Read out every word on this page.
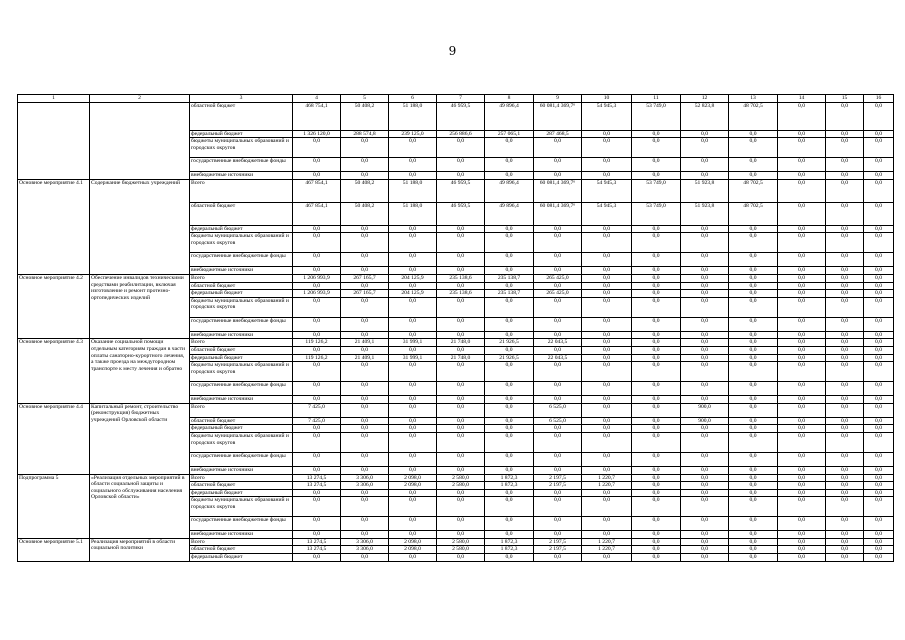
9
1	2	3	4	5	6	7	8	9	10	11	12	13	14	15	16
		областной бюджет	468 754,1	50 408,2	51 188,0	46 959,5	49 896,4	60 081,4 369,7⁶	54 945,3	53 749,0	52 823,8	48 702,5	0,0	0,0	0,0
		федеральный бюджет	1 326 120,0	288 574,8	239 125,0	256 886,6	257 065,1	287 468,5	0,0	0,0	0,0	0,0	0,0	0,0	0,0
		бюджеты муниципальных образований и городских округов	0,0	0,0	0,0	0,0	0,0	0,0	0,0	0,0	0,0	0,0	0,0	0,0	0,0
		государственные внебюджетные фонды	0,0	0,0	0,0	0,0	0,0	0,0	0,0	0,0	0,0	0,0	0,0	0,0	0,0
		внебюджетные источники	0,0	0,0	0,0	0,0	0,0	0,0	0,0	0,0	0,0	0,0	0,0	0,0	0,0
Основное мероприятие 4.1	Содержание бюджетных учреждений	Всего	467 854,1	50 408,2	51 188,0	46 959,5	49 896,4	60 081,4 369,7⁶	54 945,3	53 749,0	51 923,8	48 702,5	0,0	0,0	0,0
		областной бюджет	467 854,1	50 408,2	51 188,0	46 959,5	49 896,4	60 081,4 369,7⁶	54 945,3	53 749,0	51 923,8	48 702,5	0,0	0,0	0,0
		федеральный бюджет	0,0	0,0	0,0	0,0	0,0	0,0	0,0	0,0	0,0	0,0	0,0	0,0	0,0
		бюджеты муниципальных образований и городских округов	0,0	0,0	0,0	0,0	0,0	0,0	0,0	0,0	0,0	0,0	0,0	0,0	0,0
		государственные внебюджетные фонды	0,0	0,0	0,0	0,0	0,0	0,0	0,0	0,0	0,0	0,0	0,0	0,0	0,0
		внебюджетные источники	0,0	0,0	0,0	0,0	0,0	0,0	0,0	0,0	0,0	0,0	0,0	0,0	0,0
Основное мероприятие 4.2	Обеспечение инвалидов техническими средствами реабилитации, включая изготовление и ремонт протезно-ортопедических изделий	Всего	1 206 993,9	267 165,7	204 125,9	235 138,6	235 138,7	265 425,0	0,0	0,0	0,0	0,0	0,0	0,0	0,0
		областной бюджет	0,0	0,0	0,0	0,0	0,0	0,0	0,0	0,0	0,0	0,0	0,0	0,0	0,0
		федеральный бюджет	1 206 993,9	267 165,7	204 125,9	235 138,6	235 138,7	265 425,0	0,0	0,0	0,0	0,0	0,0	0,0	0,0
		бюджеты муниципальных образований и городских округов	0,0	0,0	0,0	0,0	0,0	0,0	0,0	0,0	0,0	0,0	0,0	0,0	0,0
		государственные внебюджетные фонды	0,0	0,0	0,0	0,0	0,0	0,0	0,0	0,0	0,0	0,0	0,0	0,0	0,0
		внебюджетные источники	0,0	0,0	0,0	0,0	0,0	0,0	0,0	0,0	0,0	0,0	0,0	0,0	0,0
Основное мероприятие 4.3	Оказание социальной помощи отдельным категориям граждан в части оплаты санаторно-курортного лечения, а также проезда на междугородном транспорте к месту лечения и обратно	Всего	119 126,2	21 409,1	31 999,1	21 748,0	21 926,5	22 043,5	0,0	0,0	0,0	0,0	0,0	0,0	0,0
		областной бюджет	0,0	0,0	0,0	0,0	0,0	0,0	0,0	0,0	0,0	0,0	0,0	0,0	0,0
		федеральный бюджет	119 126,2	21 409,1	31 999,1	21 748,0	21 926,5	22 043,5	0,0	0,0	0,0	0,0	0,0	0,0	0,0
		бюджеты муниципальных образований и городских округов	0,0	0,0	0,0	0,0	0,0	0,0	0,0	0,0	0,0	0,0	0,0	0,0	0,0
		государственные внебюджетные фонды	0,0	0,0	0,0	0,0	0,0	0,0	0,0	0,0	0,0	0,0	0,0	0,0	0,0
		внебюджетные источники	0,0	0,0	0,0	0,0	0,0	0,0	0,0	0,0	0,0	0,0	0,0	0,0	0,0
Основное мероприятие 4.4	Капитальный ремонт, строительство (реконструкция) бюджетных учреждений Орловской области	Всего	7 425,0	0,0	0,0	0,0	0,0	6 525,0	0,0	0,0	900,0	0,0	0,0	0,0	0,0
		областной бюджет	7 425,0	0,0	0,0	0,0	0,0	6 525,0	0,0	0,0	900,0	0,0	0,0	0,0	0,0
		федеральный бюджет	0,0	0,0	0,0	0,0	0,0	0,0	0,0	0,0	0,0	0,0	0,0	0,0	0,0
		бюджеты муниципальных образований и городских округов	0,0	0,0	0,0	0,0	0,0	0,0	0,0	0,0	0,0	0,0	0,0	0,0	0,0
		государственные внебюджетные фонды	0,0	0,0	0,0	0,0	0,0	0,0	0,0	0,0	0,0	0,0	0,0	0,0	0,0
		внебюджетные источники	0,0	0,0	0,0	0,0	0,0	0,0	0,0	0,0	0,0	0,0	0,0	0,0	0,0
Подпрограмма 5	«Реализация отдельных мероприятий в области социальной защиты и социального обслуживания населения Орловской области»	Всего	13 274,5	3 306,0	2 098,0	2 580,0	1 872,3	2 197,5	1 220,7	0,0	0,0	0,0	0,0	0,0	0,0
		областной бюджет	13 274,5	3 306,0	2 098,0	2 580,0	1 872,3	2 197,5	1 220,7	0,0	0,0	0,0	0,0	0,0	0,0
		федеральный бюджет	0,0	0,0	0,0	0,0	0,0	0,0	0,0	0,0	0,0	0,0	0,0	0,0	0,0
		бюджеты муниципальных образований и городских округов	0,0	0,0	0,0	0,0	0,0	0,0	0,0	0,0	0,0	0,0	0,0	0,0	0,0
		государственные внебюджетные фонды	0,0	0,0	0,0	0,0	0,0	0,0	0,0	0,0	0,0	0,0	0,0	0,0	0,0
		внебюджетные источники	0,0	0,0	0,0	0,0	0,0	0,0	0,0	0,0	0,0	0,0	0,0	0,0	0,0
Основное мероприятие 5.1	Реализация мероприятий в области социальной политики	Всего	13 274,5	3 306,0	2 098,0	2 580,0	1 872,3	2 197,5	1 220,7	0,0	0,0	0,0	0,0	0,0	0,0
		областной бюджет	13 274,5	3 306,0	2 098,0	2 580,0	1 872,3	2 197,5	1 220,7	0,0	0,0	0,0	0,0	0,0	0,0
		федеральный бюджет	0,0	0,0	0,0	0,0	0,0	0,0	0,0	0,0	0,0	0,0	0,0	0,0	0,0
